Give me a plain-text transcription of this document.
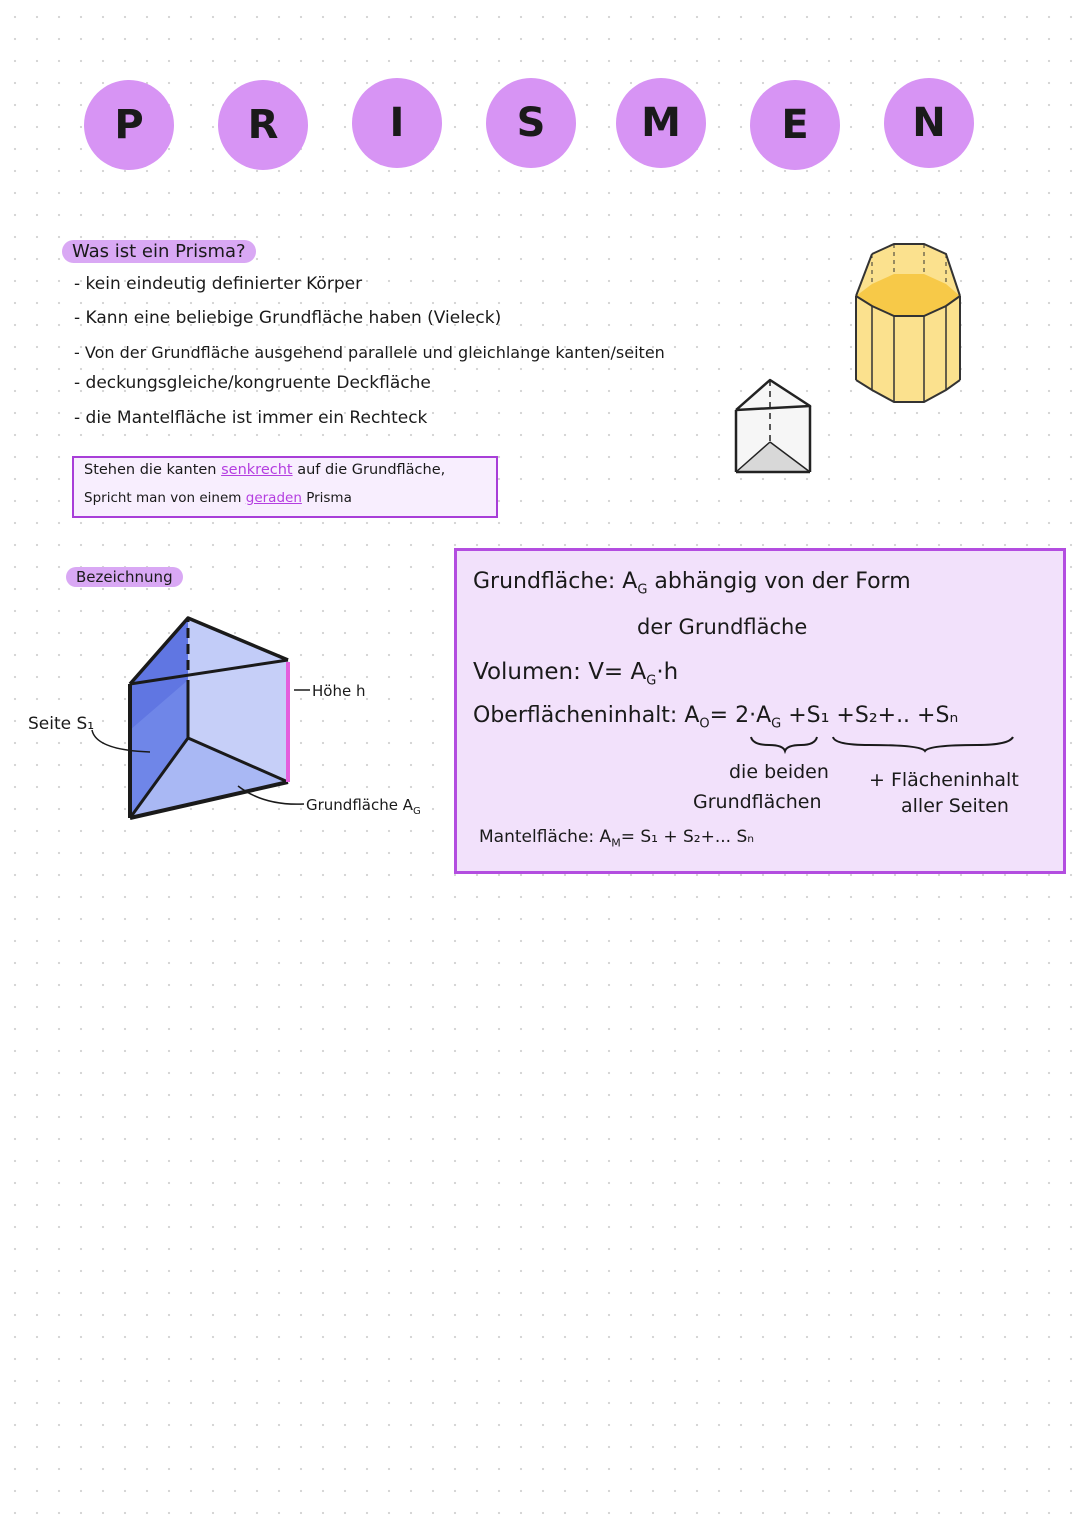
P	R	I	S	M	E	N
Was ist ein Prisma?
- kein eindeutig definierter Körper
- Kann eine beliebige Grundfläche haben (Vieleck)
- Von der Grundfläche ausgehend parallele und gleichlange kanten/seiten
- deckungsgleiche/kongruente Deckfläche
- die Mantelfläche ist immer ein Rechteck
Stehen die kanten senkrecht auf die Grundfläche,
Spricht man von einem geraden Prisma
Bezeichnung
Seite S₁
Höhe h
Grundfläche $A_G$
Grundfläche: $A_G$ abhängig von der Form
der Grundfläche
Volumen: $V= A_G\cdot h$
Oberflächeninhalt: $A_O= 2\cdot A_G +S_1 +S_2+$.. +Sₙ
die beiden
Grundflächen
+ Flächeninhalt
aller Seiten
Mantelfläche: $A_M= S_1 + S_2+$... Sₙ
